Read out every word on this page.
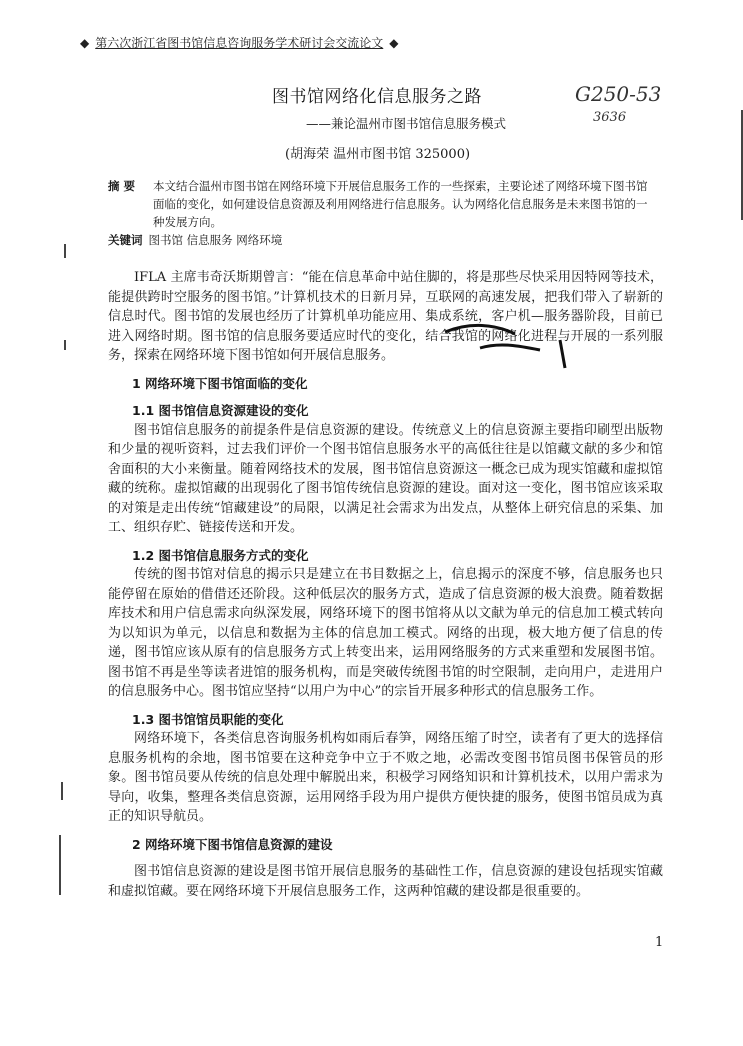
◆ 第六次浙江省图书馆信息咨询服务学术研讨会交流论文 ◆
图书馆网络化信息服务之路
——兼论温州市图书馆信息服务模式
G250-53
3636
(胡海荣 温州市图书馆 325000)
摘 要 本文结合温州市图书馆在网络环境下开展信息服务工作的一些探索，主要论述了网络环境下图书馆面临的变化，如何建设信息资源及利用网络进行信息服务。认为网络化信息服务是未来图书馆的一种发展方向。
关键词 图书馆 信息服务 网络环境

IFLA 主席韦奇沃斯期曾言：“能在信息革命中站住脚的，将是那些尽快采用因特网等技术，能提供跨时空服务的图书馆。”计算机技术的日新月异，互联网的高速发展，把我们带入了崭新的信息时代。图书馆的发展也经历了计算机单功能应用、集成系统，客户机—服务器阶段，目前已进入网络时期。图书馆的信息服务要适应时代的变化，结合我馆的网络化进程与开展的一系列服务，探索在网络环境下图书馆如何开展信息服务。

1 网络环境下图书馆面临的变化
1.1 图书馆信息资源建设的变化

图书馆信息服务的前提条件是信息资源的建设。传统意义上的信息资源主要指印刷型出版物和少量的视听资料，过去我们评价一个图书馆信息服务水平的高低往往是以馆藏文献的多少和馆舍面积的大小来衡量。随着网络技术的发展，图书馆信息资源这一概念已成为现实馆藏和虚拟馆藏的统称。虚拟馆藏的出现弱化了图书馆传统信息资源的建设。面对这一变化，图书馆应该采取的对策是走出传统“馆藏建设”的局限，以满足社会需求为出发点，从整体上研究信息的采集、加工、组织存贮、链接传送和开发。

1.2 图书馆信息服务方式的变化

传统的图书馆对信息的揭示只是建立在书目数据之上，信息揭示的深度不够，信息服务也只能停留在原始的借借还还阶段。这种低层次的服务方式，造成了信息资源的极大浪费。随着数据库技术和用户信息需求向纵深发展，网络环境下的图书馆将从以文献为单元的信息加工模式转向为以知识为单元，以信息和数据为主体的信息加工模式。网络的出现，极大地方便了信息的传递，图书馆应该从原有的信息服务方式上转变出来，运用网络服务的方式来重塑和发展图书馆。图书馆不再是坐等读者进馆的服务机构，而是突破传统图书馆的时空限制，走向用户，走进用户的信息服务中心。图书馆应坚持“以用户为中心”的宗旨开展多种形式的信息服务工作。

1.3 图书馆馆员职能的变化

网络环境下，各类信息咨询服务机构如雨后春笋，网络压缩了时空，读者有了更大的选择信息服务机构的余地，图书馆要在这种竞争中立于不败之地，必需改变图书馆员图书保管员的形象。图书馆员要从传统的信息处理中解脱出来，积极学习网络知识和计算机技术，以用户需求为导向，收集，整理各类信息资源，运用网络手段为用户提供方便快捷的服务，使图书馆员成为真正的知识导航员。

2 网络环境下图书馆信息资源的建设

图书馆信息资源的建设是图书馆开展信息服务的基础性工作，信息资源的建设包括现实馆藏和虚拟馆藏。要在网络环境下开展信息服务工作，这两种馆藏的建设都是很重要的。

1
